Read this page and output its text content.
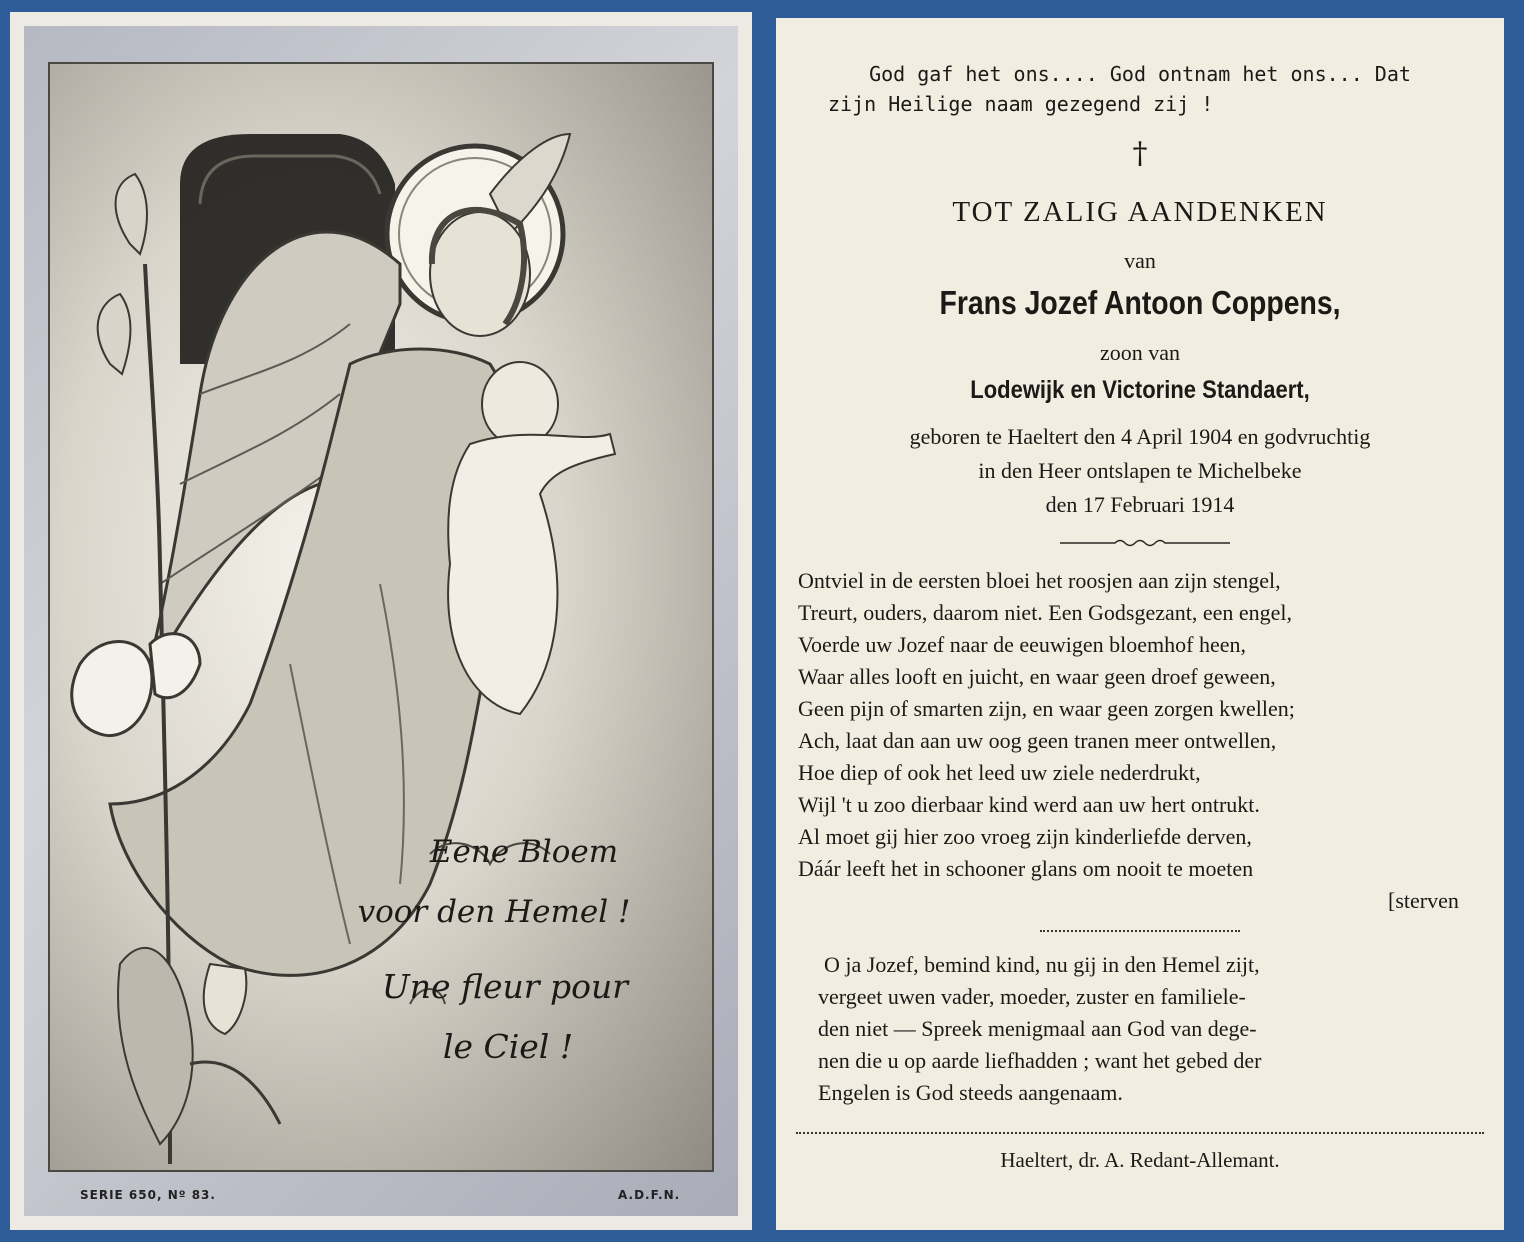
Eene Bloem
voor den Hemel !
Une fleur pour
le Ciel !
SERIE 650, Nº 83.	A.D.F.N.
God gaf het ons.... God ontnam het ons... Dat
zijn Heilige naam gezegend zij !
†
TOT ZALIG AANDENKEN
van
Frans Jozef Antoon Coppens,
zoon van
Lodewijk en Victorine Standaert,
geboren te Haeltert den 4 April 1904 en godvruchtig
in den Heer ontslapen te Michelbeke
den 17 Februari 1914
Ontviel in de eersten bloei het roosjen aan zijn stengel,
Treurt, ouders, daarom niet. Een Godsgezant, een engel,
Voerde uw Jozef naar de eeuwigen bloemhof heen,
Waar alles looft en juicht, en waar geen droef geween,
Geen pijn of smarten zijn, en waar geen zorgen kwellen;
Ach, laat dan aan uw oog geen tranen meer ontwellen,
Hoe diep of ook het leed uw ziele nederdrukt,
Wijl 't u zoo dierbaar kind werd aan uw hert ontrukt.
Al moet gij hier zoo vroeg zijn kinderliefde derven,
Dáár leeft het in schooner glans om nooit te moeten
[sterven
O ja Jozef, bemind kind, nu gij in den Hemel zijt,
vergeet uwen vader, moeder, zuster en familiele-
den niet — Spreek menigmaal aan God van dege-
nen die u op aarde liefhadden ; want het gebed der
Engelen is God steeds aangenaam.
Haeltert, dr. A. Redant-Allemant.
